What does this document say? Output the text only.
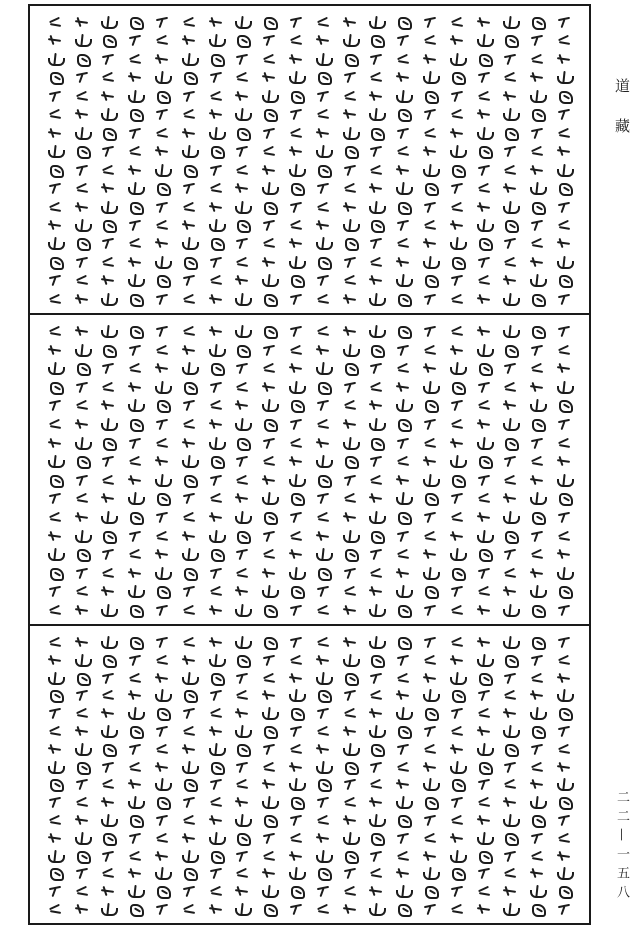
道
藏
二二—一五八
